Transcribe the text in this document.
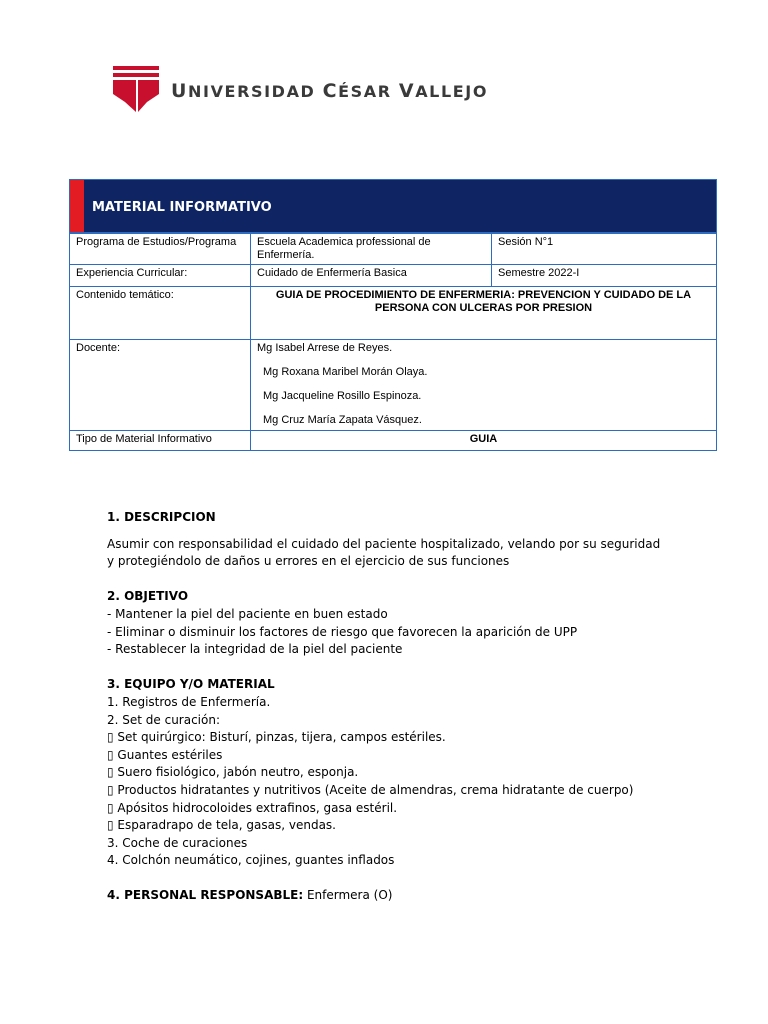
UNIVERSIDAD CÉSAR VALLEJO
MATERIAL INFORMATIVO
Programa de Estudios/Programa	Escuela Academica professional de Enfermería.	Sesión N°1
Experiencia Curricular:	Cuidado de Enfermería Basica	Semestre 2022-I
Contenido temático:	GUIA DE PROCEDIMIENTO DE ENFERMERIA: PREVENCION Y CUIDADO DE LA PERSONA CON ULCERAS POR PRESION	
Docente:	Mg Isabel Arrese de Reyes.
Mg Roxana Maribel Morán Olaya.
Mg Jacqueline Rosillo Espinoza.
Mg Cruz María Zapata Vásquez.	

Tipo de Material Informativo	GUIA	

1. DESCRIPCION

Asumir con responsabilidad el cuidado del paciente hospitalizado, velando por su seguridad y protegiéndolo de daños u errores en el ejercicio de sus funciones

2. OBJETIVO

- Mantener la piel del paciente en buen estado

- Eliminar o disminuir los factores de riesgo que favorecen la aparición de UPP

- Restablecer la integridad de la piel del paciente

3. EQUIPO Y/O MATERIAL

1. Registros de Enfermería.

2. Set de curación:

▯ Set quirúrgico: Bisturí, pinzas, tijera, campos estériles.

▯ Guantes estériles

▯ Suero fisiológico, jabón neutro, esponja.

▯ Productos hidratantes y nutritivos (Aceite de almendras, crema hidratante de cuerpo)

▯ Apósitos hidrocoloides extrafinos, gasa estéril.

▯ Esparadrapo de tela, gasas, vendas.

3. Coche de curaciones

4. Colchón neumático, cojines, guantes inflados

4. PERSONAL RESPONSABLE: Enfermera (O)
